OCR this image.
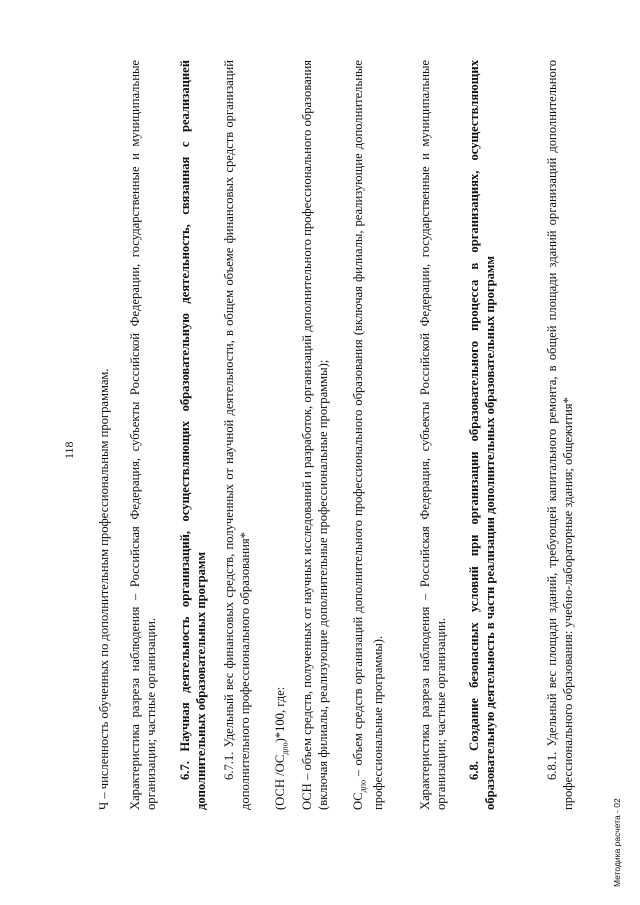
118 Ч – численность обученных по дополнительным профессиональным программам. Характеристика разреза наблюдения – Российская Федерация, субъекты Российской Федерации, государственные и муниципальные организации; частные организации. 6.7. Научная деятельность организаций, осуществляющих образовательную деятельность, связанная с реализацией дополнительных образовательных программ 6.7.1. Удельный вес финансовых средств, полученных от научной деятельности, в общем объеме финансовых средств организаций дополнительного профессионального образования* (ОСН $/ОС_{дпо})*100$, где:	ОСН – объем средств, полученных от научных исследований и разработок, организаций дополнительного профессионального образования (включая филиалы, реализующие дополнительные профессиональные программы); $ОС_{дпо}$ – объем средств организаций дополнительного профессионального образования (включая филиалы, реализующие дополнительные профессиональные программы).	Характеристика разреза наблюдения – Российская Федерация, субъекты Российской Федерации, государственные и муниципальные организации; частные организации. 6.8. Создание безопасных условий при организации образовательного процесса в организациях, осуществляющих образовательную деятельность в части реализации дополнительных образовательных программ	6.8.1. Удельный вес площади зданий, требующей капитального ремонта, в общей площади зданий организаций дополнительного профессионального образования: учебно-лабораторные здания; общежития*
Методика расчета - 02
